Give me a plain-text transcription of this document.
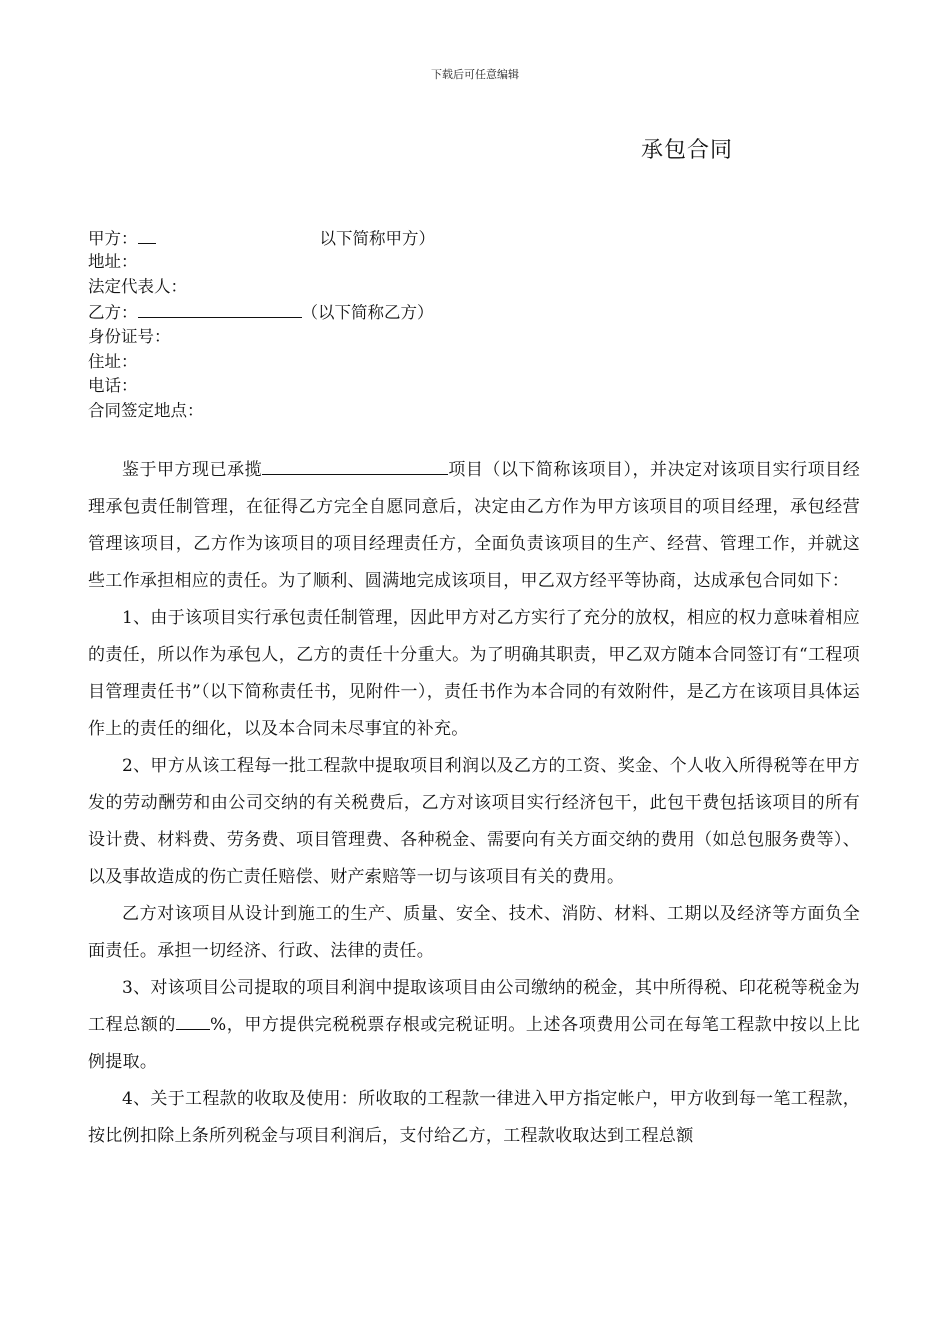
下载后可任意编辑
承包合同
甲方：	以下简称甲方）
地址：
法定代表人：
乙方：	（以下简称乙方）
身份证号：
住址：
电话：
合同签定地点：

鉴于甲方现已承揽	项目（以下简称该项目），并决定对该项目实行项目经理承包责任制管理，在征得乙方完全自愿同意后，决定由乙方作为甲方该项目的项目经理，承包经营管理该项目，乙方作为该项目的项目经理责任方，全面负责该项目的生产、经营、管理工作，并就这些工作承担相应的责任。为了顺利、圆满地完成该项目，甲乙双方经平等协商，达成承包合同如下：

1、由于该项目实行承包责任制管理，因此甲方对乙方实行了充分的放权，相应的权力意味着相应的责任，所以作为承包人，乙方的责任十分重大。为了明确其职责，甲乙双方随本合同签订有“工程项目管理责任书”（以下简称责任书，见附件一），责任书作为本合同的有效附件，是乙方在该项目具体运作上的责任的细化，以及本合同未尽事宜的补充。

2、甲方从该工程每一批工程款中提取项目利润以及乙方的工资、奖金、个人收入所得税等在甲方发的劳动酬劳和由公司交纳的有关税费后，乙方对该项目实行经济包干，此包干费包括该项目的所有设计费、材料费、劳务费、项目管理费、各种税金、需要向有关方面交纳的费用（如总包服务费等）、以及事故造成的伤亡责任赔偿、财产索赔等一切与该项目有关的费用。

乙方对该项目从设计到施工的生产、质量、安全、技术、消防、材料、工期以及经济等方面负全面责任。承担一切经济、行政、法律的责任。

3、对该项目公司提取的项目利润中提取该项目由公司缴纳的税金，其中所得税、印花税等税金为工程总额的 %，甲方提供完税税票存根或完税证明。上述各项费用公司在每笔工程款中按以上比例提取。

4、关于工程款的收取及使用：所收取的工程款一律进入甲方指定帐户，甲方收到每一笔工程款，按比例扣除上条所列税金与项目利润后，支付给乙方，工程款收取达到工程总额
